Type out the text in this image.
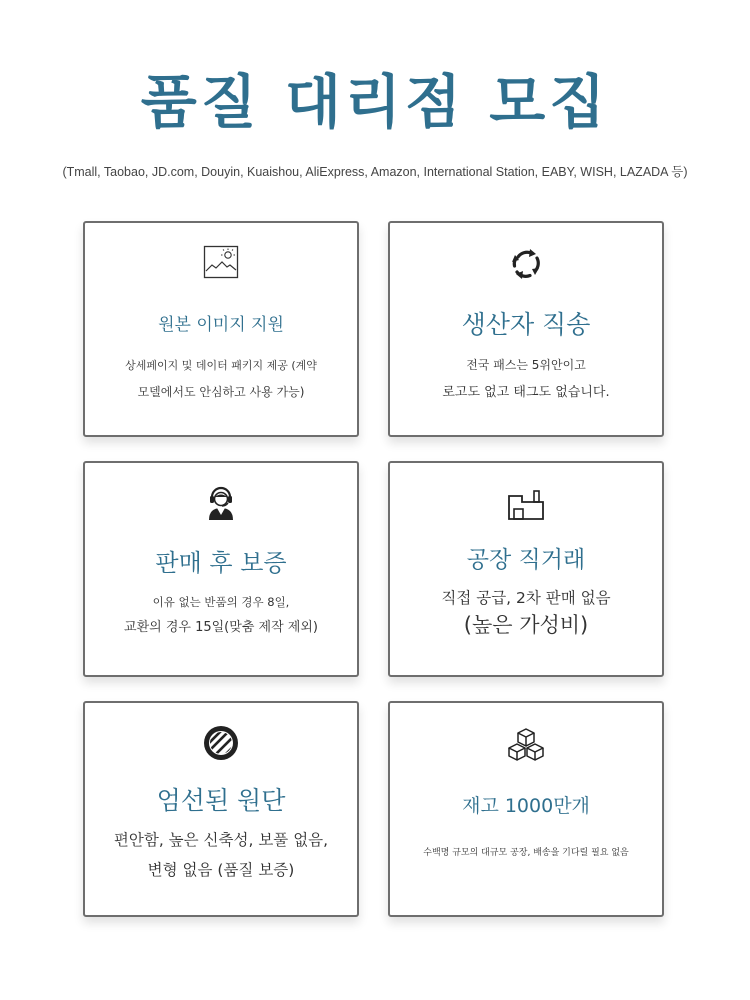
품질 대리점 모집
(Tmall, Taobao, JD.com, Douyin, Kuaishou, AliExpress, Amazon, International Station, EABY, WISH, LAZADA 등)
원본 이미지 지원
상세페이지 및 데이터 패키지 제공 (계약
모델에서도 안심하고 사용 가능)
생산자 직송
전국 패스는 5위안이고
로고도 없고 태그도 없습니다.
판매 후 보증
이유 없는 반품의 경우 8일,
교환의 경우 15일(맞춤 제작 제외)
공장 직거래
직접 공급, 2차 판매 없음
(높은 가성비)
엄선된 원단
편안함, 높은 신축성, 보풀 없음,
변형 없음 (품질 보증)
재고 1000만개
수백명 규모의 대규모 공장, 배송을 기다릴 필요 없음
